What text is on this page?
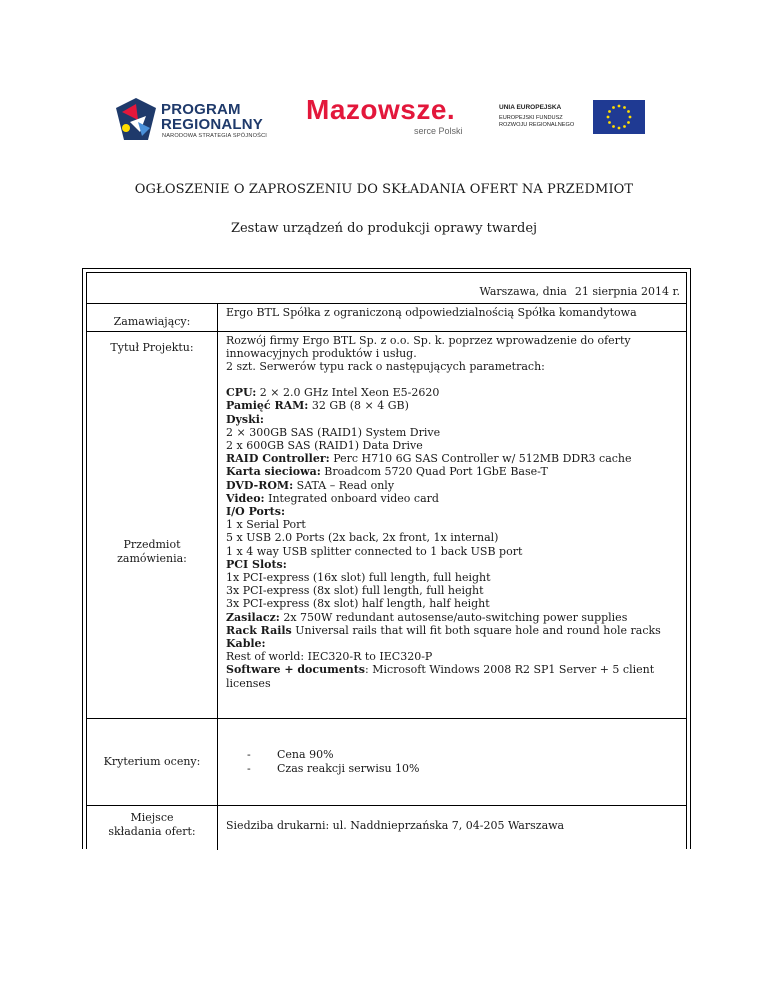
PROGRAM
REGIONALNY
NARODOWA STRATEGIA SPÓJNOŚCI
Mazowsze.
serce Polski
UNIA EUROPEJSKA
EUROPEJSKI FUNDUSZ
ROZWOJU REGIONALNEGO
OGŁOSZENIE O ZAPROSZENIU DO SKŁADANIA OFERT NA PRZEDMIOT
Zestaw urządzeń do produkcji oprawy twardej
Warszawa, dnia 21 sierpnia 2014 r.
Zamawiający:
Ergo BTL Spółka z ograniczoną odpowiedzialnością Spółka komandytowa
Tytuł Projektu:
Przedmiot zamówienia:
Rozwój firmy Ergo BTL Sp. z o.o. Sp. k. poprzez wprowadzenie do oferty innowacyjnych produktów i usług.
2 szt. Serwerów typu rack o następujących parametrach:
CPU: 2 × 2.0 GHz Intel Xeon E5-2620
Pamięć RAM: 32 GB (8 × 4 GB)
Dyski:
2 × 300GB SAS (RAID1) System Drive
2 x 600GB SAS (RAID1) Data Drive
RAID Controller: Perc H710 6G SAS Controller w/ 512MB DDR3 cache
Karta sieciowa: Broadcom 5720 Quad Port 1GbE Base-T
DVD-ROM: SATA – Read only
Video: Integrated onboard video card
I/O Ports:
1 x Serial Port
5 x USB 2.0 Ports (2x back, 2x front, 1x internal)
1 x 4 way USB splitter connected to 1 back USB port
PCI Slots:
1x PCI-express (16x slot) full length, full height
3x PCI-express (8x slot) full length, full height
3x PCI-express (8x slot) half length, half height
Zasilacz: 2x 750W redundant autosense/auto-switching power supplies
Rack Rails Universal rails that will fit both square hole and round hole racks
Kable:
Rest of world: IEC320-R to IEC320-P
Software + documents: Microsoft Windows 2008 R2 SP1 Server + 5 client licenses
Kryterium oceny:
- Cena 90%
- Czas reakcji serwisu 10%
Miejsce składania ofert:	Siedziba drukarni: ul. Naddnieprzańska 7, 04-205 Warszawa
